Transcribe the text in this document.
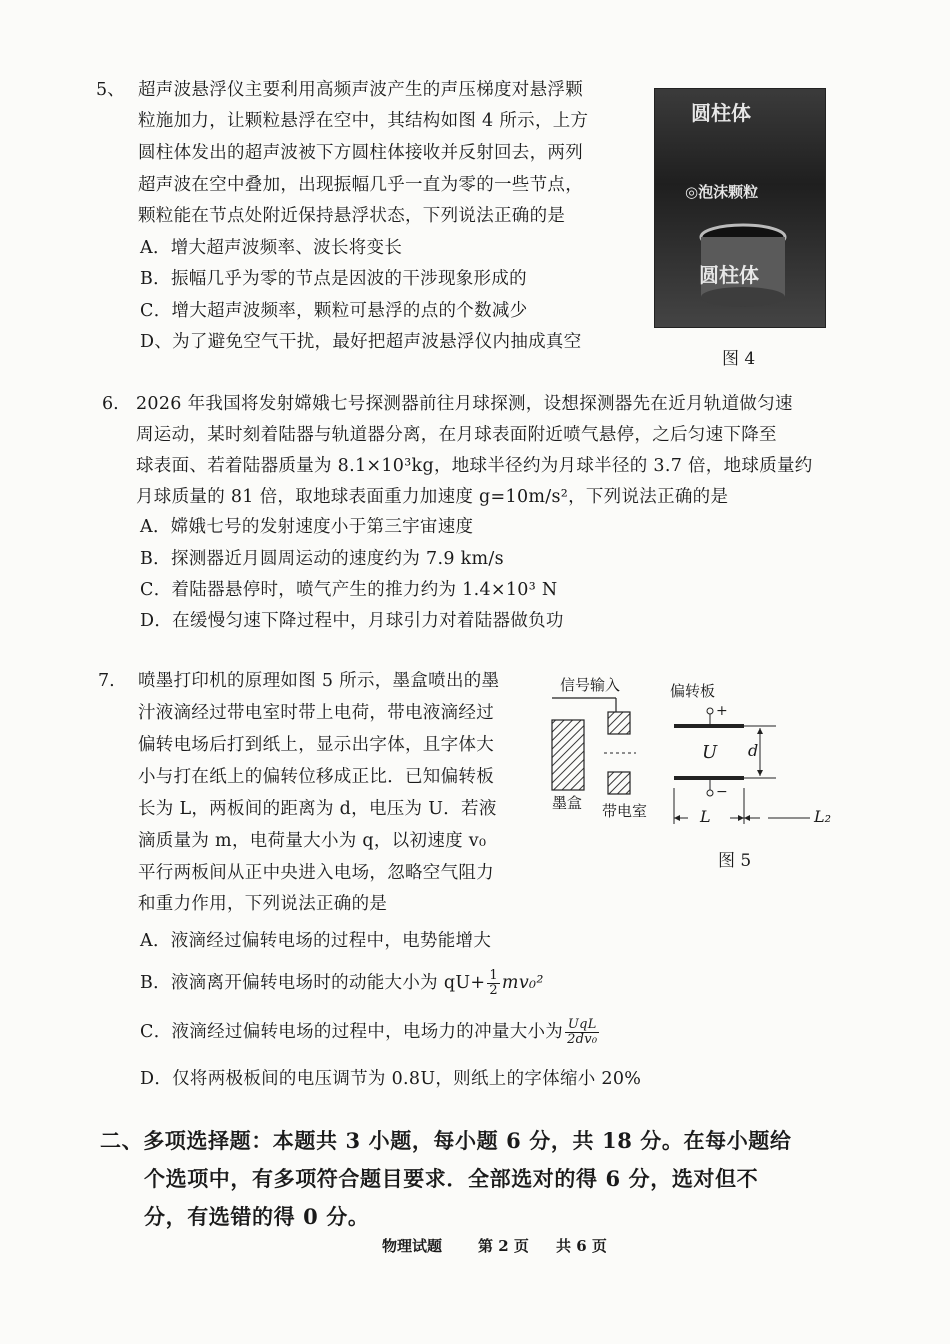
5、 超声波悬浮仪主要利用高频声波产生的声压梯度对悬浮颗
粒施加力，让颗粒悬浮在空中，其结构如图 4 所示，上方
圆柱体发出的超声波被下方圆柱体接收并反射回去，两列
超声波在空中叠加，出现振幅几乎一直为零的一些节点，
颗粒能在节点处附近保持悬浮状态，下列说法正确的是
A．增大超声波频率、波长将变长
B．振幅几乎为零的节点是因波的干涉现象形成的
C．增大超声波频率，颗粒可悬浮的点的个数减少
D、为了避免空气干扰，最好把超声波悬浮仪内抽成真空
圆柱体
◎泡沫颗粒
圆柱体
图 4
6. 2026 年我国将发射嫦娥七号探测器前往月球探测，设想探测器先在近月轨道做匀速
周运动，某时刻着陆器与轨道器分离，在月球表面附近喷气悬停，之后匀速下降至
球表面、若着陆器质量为 8.1×10³kg，地球半径约为月球半径的 3.7 倍，地球质量约
月球质量的 81 倍，取地球表面重力加速度 g=10m/s²，下列说法正确的是
A．嫦娥七号的发射速度小于第三宇宙速度
B．探测器近月圆周运动的速度约为 7.9 km/s
C．着陆器悬停时，喷气产生的推力约为 1.4×10³ N
D．在缓慢匀速下降过程中，月球引力对着陆器做负功
7. 喷墨打印机的原理如图 5 所示，墨盒喷出的墨
汁液滴经过带电室时带上电荷，带电液滴经过
偏转电场后打到纸上，显示出字体，且字体大
小与打在纸上的偏转位移成正比．已知偏转板
长为 L，两板间的距离为 d，电压为 U．若液
滴质量为 m，电荷量大小为 q，以初速度 v₀
平行两板间从正中央进入电场，忽略空气阻力
和重力作用，下列说法正确的是
信号输入	偏转板
+
−
U d
墨盒 带电室	L	L₂
图 5
A．液滴经过偏转电场的过程中，电势能增大
B．液滴离开偏转电场时的动能大小为 $qU+ \frac{1}{2} mv_0^2$
C．液滴经过偏转电场的过程中，电场力的冲量大小为 $\frac{\text{UqL}}{\text{2dv₀}}$
D．仅将两极板间的电压调节为 0.8U，则纸上的字体缩小 20%
二、多项选择题：本题共 3 小题，每小题 6 分，共 18 分。在每小题给
个选项中，有多项符合题目要求．全部选对的得 6 分，选对但不
分，有选错的得 0 分。
物理试题 第 2 页 共 6 页
